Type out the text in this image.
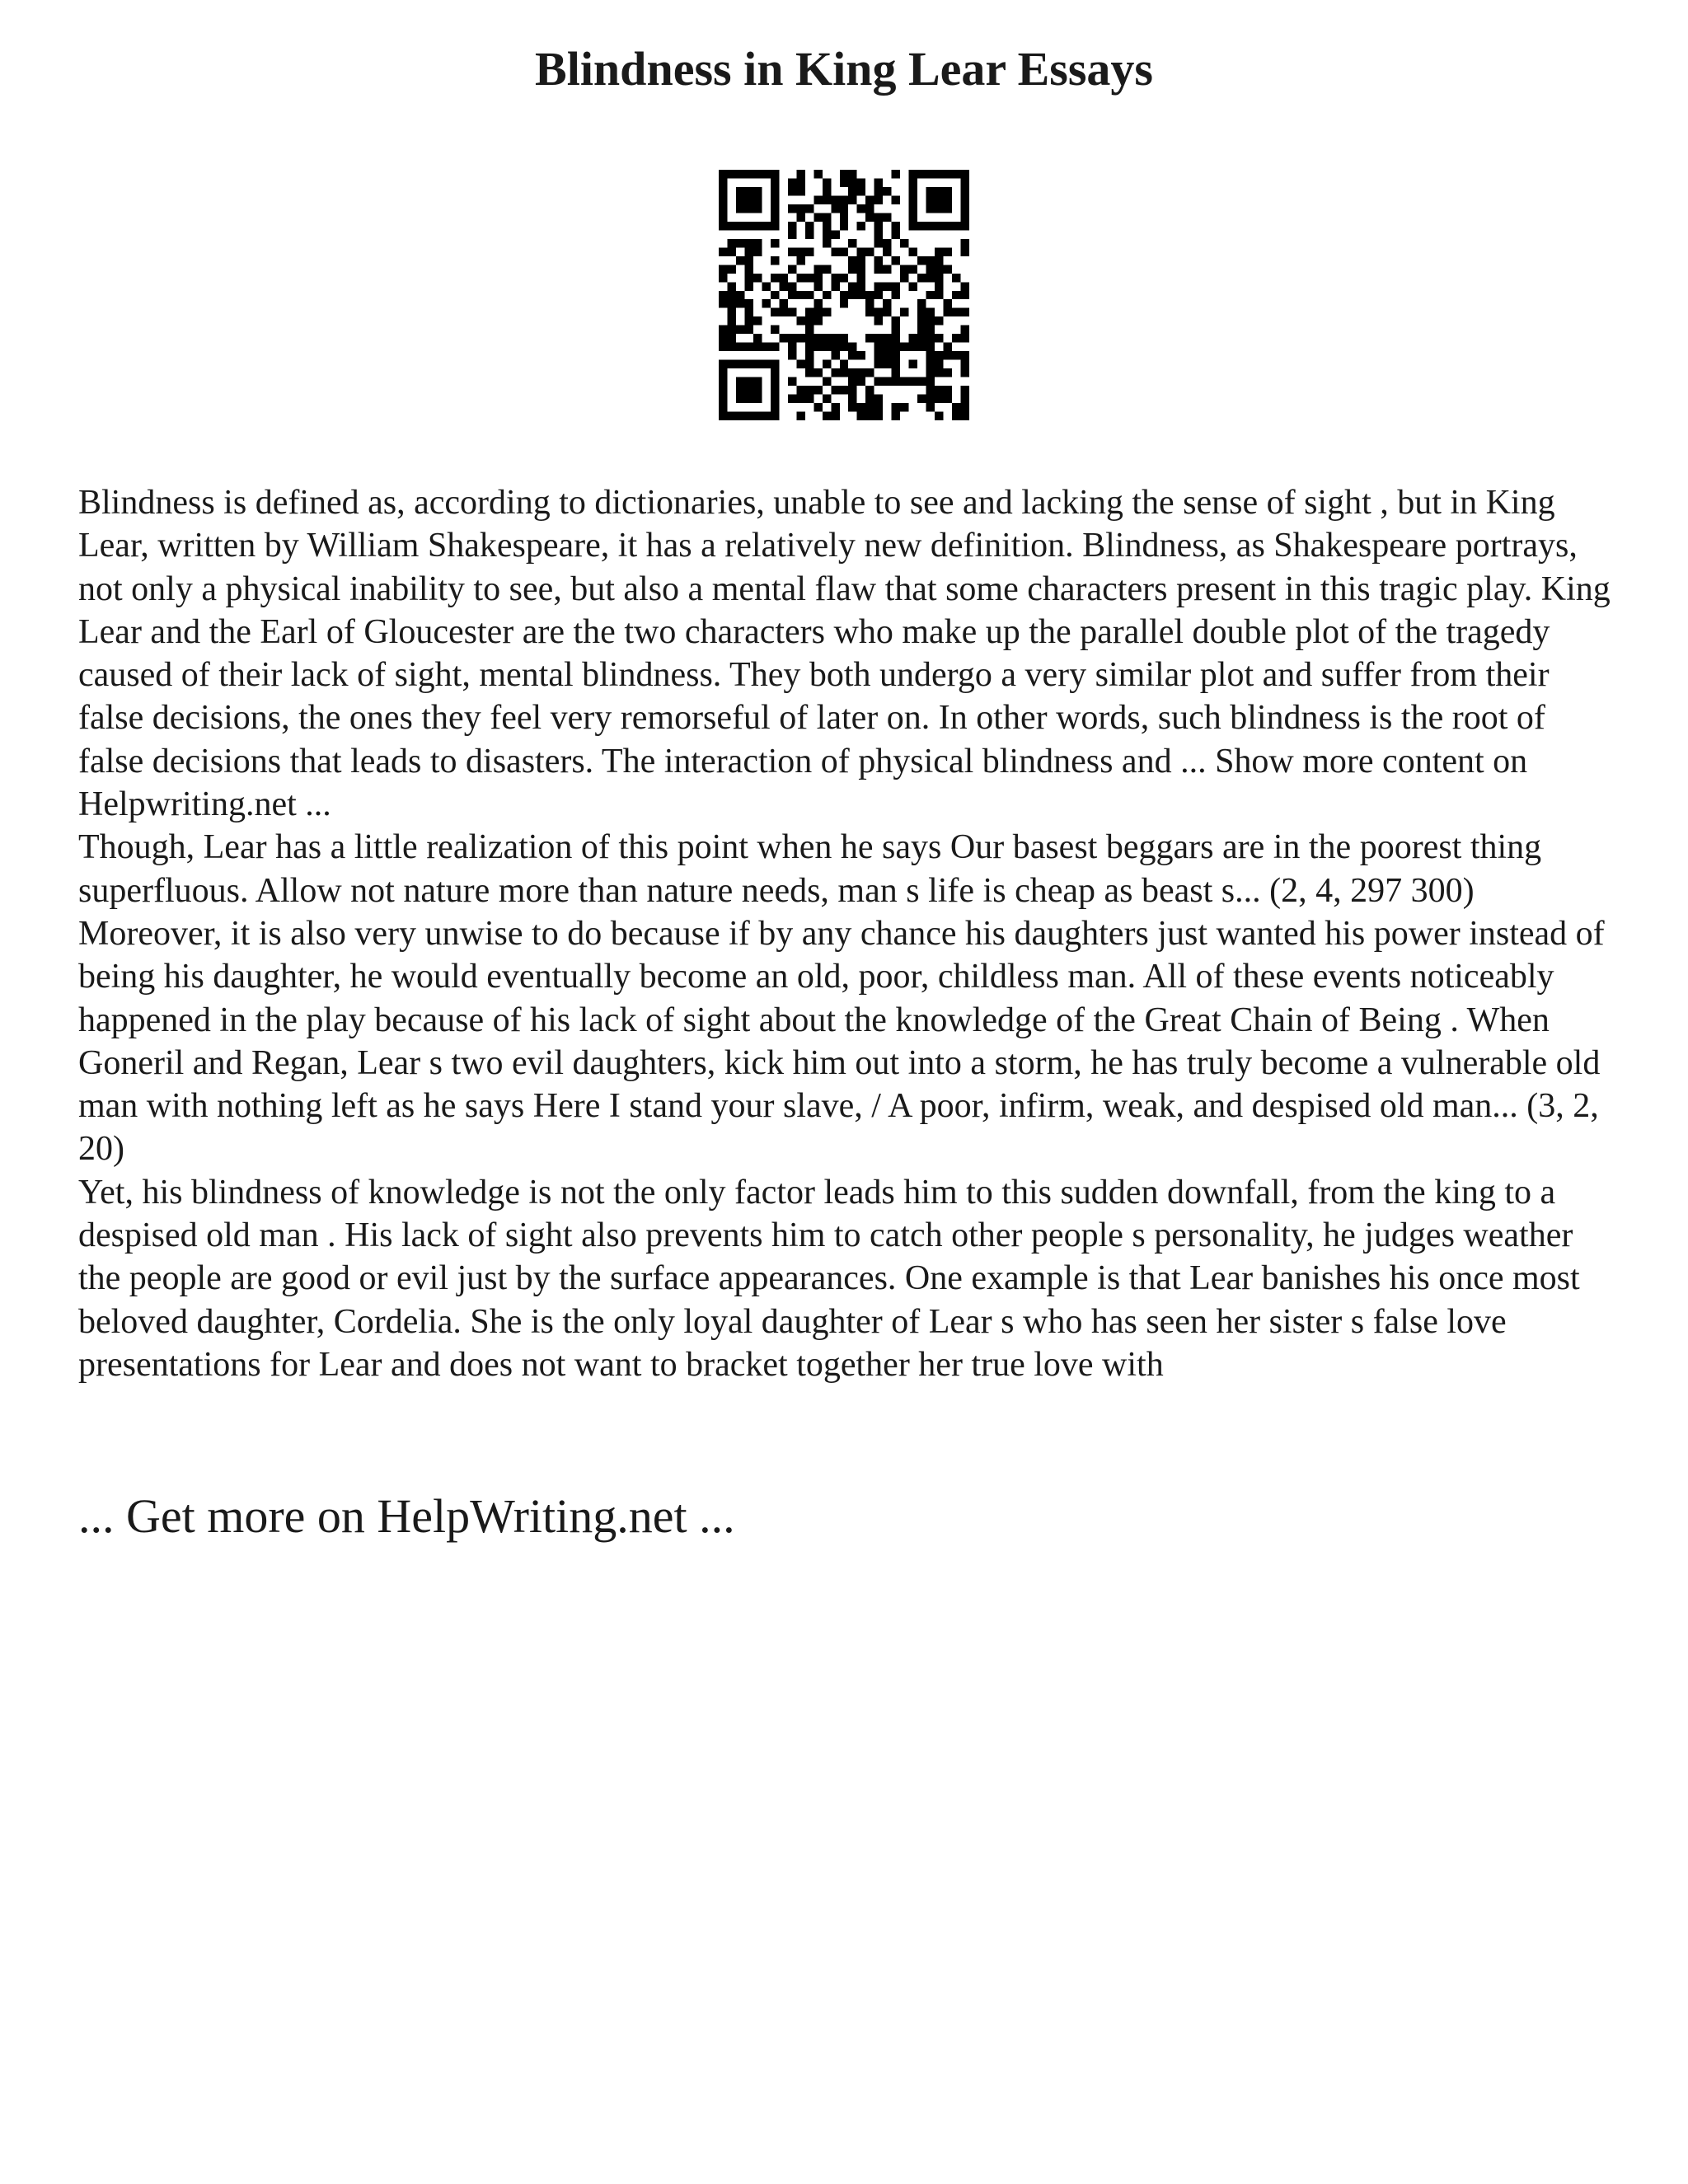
Blindness in King Lear Essays

Blindness is defined as, according to dictionaries, unable to see and lacking the sense of sight , but in King Lear, written by William Shakespeare, it has a relatively new definition. Blindness, as Shakespeare portrays, not only a physical inability to see, but also a mental flaw that some characters present in this tragic play. King Lear and the Earl of Gloucester are the two characters who make up the parallel double plot of the tragedy caused of their lack of sight, mental blindness. They both undergo a very similar plot and suffer from their false decisions, the ones they feel very remorseful of later on. In other words, such blindness is the root of false decisions that leads to disasters. The interaction of physical blindness and ... Show more content on Helpwriting.net ...

Though, Lear has a little realization of this point when he says Our basest beggars are in the poorest thing superfluous. Allow not nature more than nature needs, man s life is cheap as beast s... (2, 4, 297 300) Moreover, it is also very unwise to do because if by any chance his daughters just wanted his power instead of being his daughter, he would eventually become an old, poor, childless man. All of these events noticeably happened in the play because of his lack of sight about the knowledge of the Great Chain of Being . When Goneril and Regan, Lear s two evil daughters, kick him out into a storm, he has truly become a vulnerable old man with nothing left as he says Here I stand your slave, / A poor, infirm, weak, and despised old man... (3, 2, 20)

Yet, his blindness of knowledge is not the only factor leads him to this sudden downfall, from the king to a despised old man . His lack of sight also prevents him to catch other people s personality, he judges weather the people are good or evil just by the surface appearances. One example is that Lear banishes his once most beloved daughter, Cordelia. She is the only loyal daughter of Lear s who has seen her sister s false love presentations for Lear and does not want to bracket together her true love with

... Get more on HelpWriting.net ...
